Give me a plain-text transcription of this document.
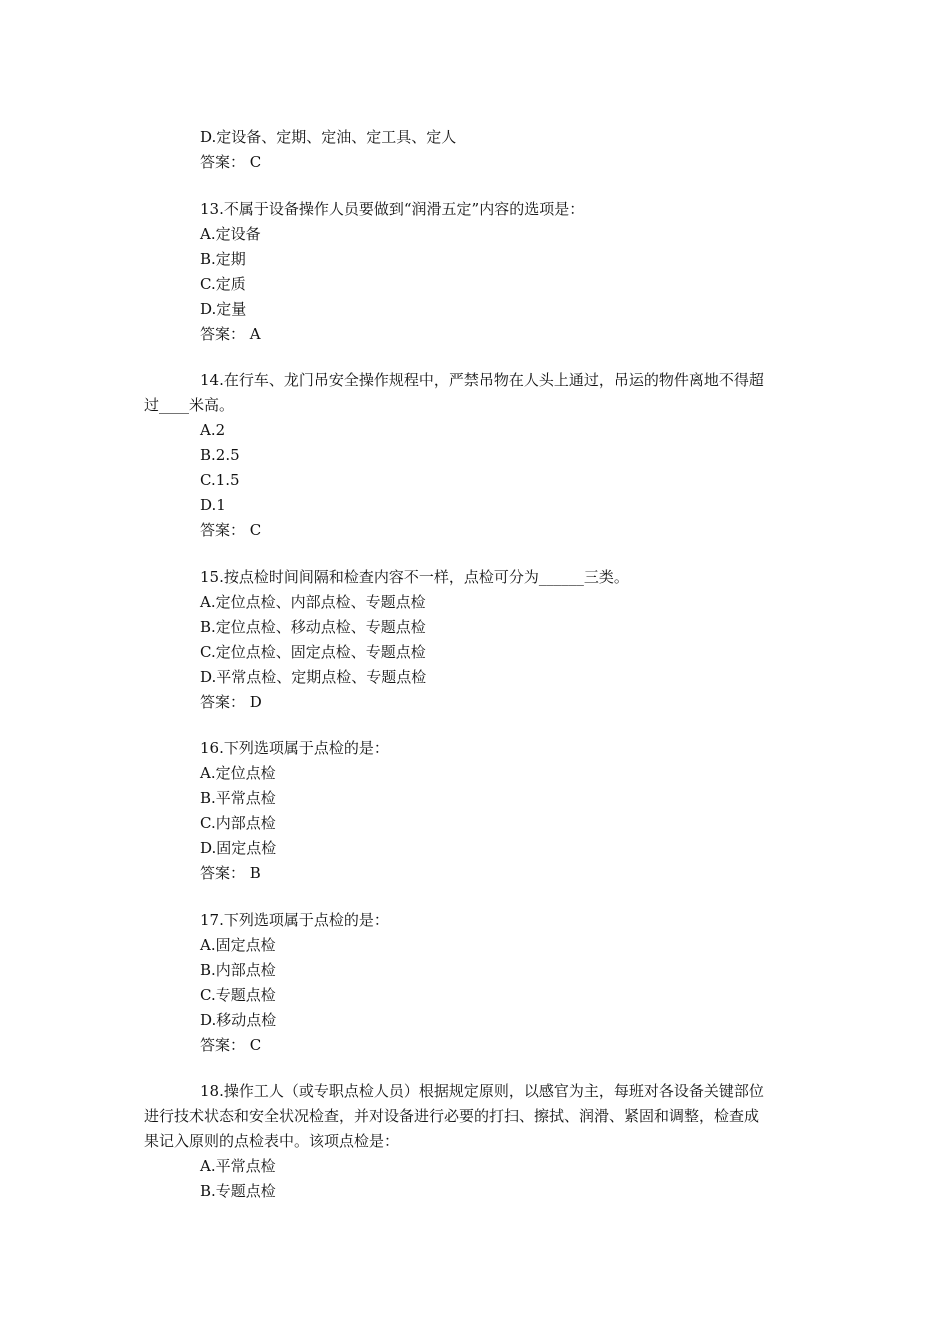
D.定设备、定期、定油、定工具、定人
答案： C
13.不属于设备操作人员要做到“润滑五定”内容的选项是：
A.定设备
B.定期
C.定质
D.定量
答案： A
14.在行车、龙门吊安全操作规程中，严禁吊物在人头上通过，吊运的物件离地不得超
过____米高。
A.2
B.2.5
C.1.5
D.1
答案： C
15.按点检时间间隔和检查内容不一样，点检可分为______三类。
A.定位点检、内部点检、专题点检
B.定位点检、移动点检、专题点检
C.定位点检、固定点检、专题点检
D.平常点检、定期点检、专题点检
答案： D
16.下列选项属于点检的是：
A.定位点检
B.平常点检
C.内部点检
D.固定点检
答案： B
17.下列选项属于点检的是：
A.固定点检
B.内部点检
C.专题点检
D.移动点检
答案： C
18.操作工人（或专职点检人员）根据规定原则，以感官为主，每班对各设备关键部位
进行技术状态和安全状况检查，并对设备进行必要的打扫、擦拭、润滑、紧固和调整，检查成
果记入原则的点检表中。该项点检是：
A.平常点检
B.专题点检
